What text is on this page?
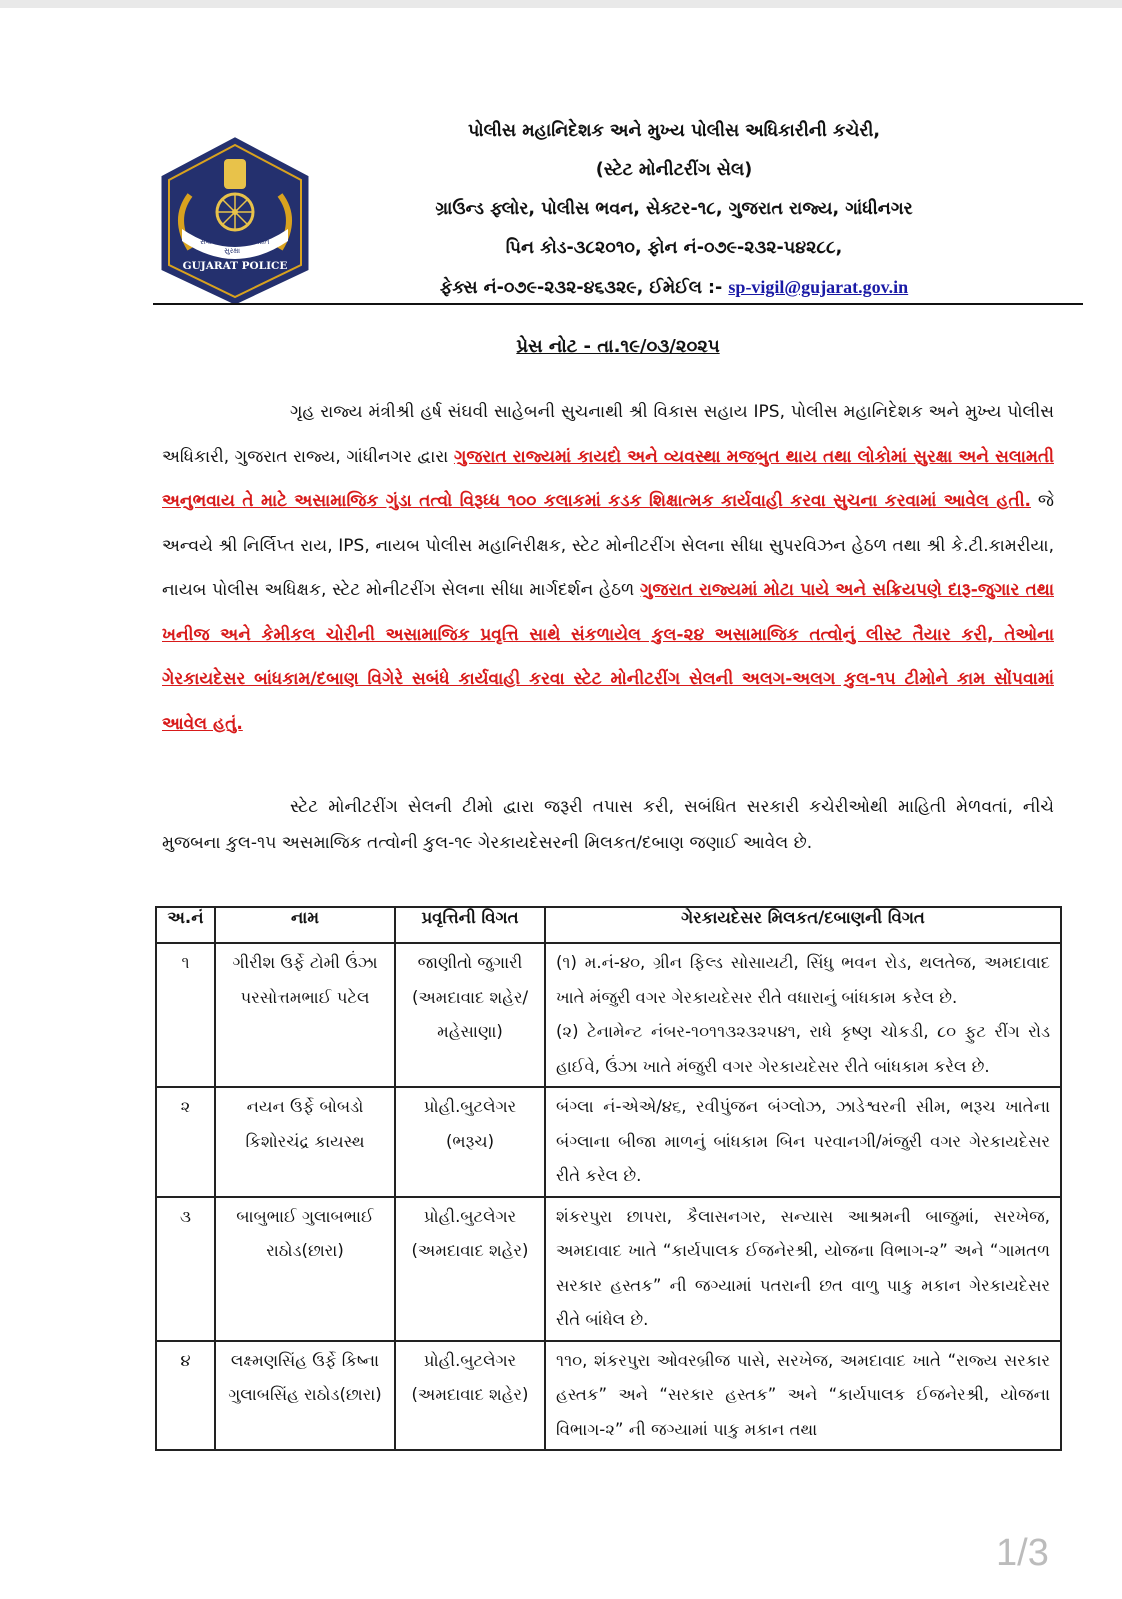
સેવા
સુરક્ષા
શાંતિ
GUJARAT POLICE
પોલીસ મહાનિદેશક અને મુખ્ય પોલીસ અધિકારીની કચેરી,
(સ્ટેટ મોનીટરીંગ સેલ)
ગ્રાઉન્ડ ફ્લોર, પોલીસ ભવન, સેક્ટર-૧૮, ગુજરાત રાજ્ય, ગાંધીનગર
પિન કોડ-૩૮૨૦૧૦, ફોન નં-૦૭૯-૨૩૨-૫૪૨૮૮,
ફેક્સ નં-૦૭૯-૨૩૨-૪૬૩૨૯, ઈમેઈલ :- sp-vigil@gujarat.gov.in
પ્રેસ નોટ - તા.૧૯/૦૩/૨૦૨૫
ગૃહ રાજ્ય મંત્રીશ્રી હર્ષ સંઘવી સાહેબની સુચનાથી શ્રી વિકાસ સહાય IPS, પોલીસ મહાનિદેશક અને મુખ્ય પોલીસ અધિકારી, ગુજરાત રાજ્ય, ગાંધીનગર દ્વારા ગુજરાત રાજ્યમાં કાયદો અને વ્યવસ્થા મજબુત થાય તથા લોકોમાં સુરક્ષા અને સલામતી અનુભવાય તે માટે અસામાજિક ગુંડા તત્વો વિરૂધ્ધ ૧૦૦ કલાકમાં કડક શિક્ષાત્મક કાર્યવાહી કરવા સુચના કરવામાં આવેલ હતી. જે અન્વયે શ્રી નિર્લિપ્ત રાય, IPS, નાયબ પોલીસ મહાનિરીક્ષક, સ્ટેટ મોનીટરીંગ સેલના સીધા સુપરવિઝન હેઠળ તથા શ્રી કે.ટી.કામરીયા, નાયબ પોલીસ અધિક્ષક, સ્ટેટ મોનીટરીંગ સેલના સીધા માર્ગદર્શન હેઠળ ગુજરાત રાજ્યમાં મોટા પાયે અને સક્રિયપણે દારૂ-જુગાર તથા ખનીજ અને કેમીકલ ચોરીની અસામાજિક પ્રવૃત્તિ સાથે સંકળાયેલ કુલ-૨૪ અસામાજિક તત્વોનું લીસ્ટ તૈયાર કરી, તેઓના ગેરકાયદેસર બાંધકામ/દબાણ વિગેરે સબંધે કાર્યવાહી કરવા સ્ટેટ મોનીટરીંગ સેલની અલગ-અલગ કુલ-૧૫ ટીમોને કામ સોંપવામાં આવેલ હતું.
સ્ટેટ મોનીટરીંગ સેલની ટીમો દ્વારા જરૂરી તપાસ કરી, સબંધિત સરકારી કચેરીઓથી માહિતી મેળવતાં, નીચે મુજબના કુલ-૧૫ અસમાજિક તત્વોની કુલ-૧૯ ગેરકાયદેસરની મિલકત/દબાણ જણાઈ આવેલ છે.
અ.નં	નામ	પ્રવૃત્તિની વિગત	ગેરકાયદેસર મિલકત/દબાણની વિગત
૧	ગીરીશ ઉર્ફે ટોમી ઉંઝા પરસોત્તમભાઈ પટેલ	જાણીતો જુગારી (અમદાવાદ શહેર/મહેસાણા)	(૧) મ.નં-૪૦, ગ્રીન ફિલ્ડ સોસાયટી, સિંધુ ભવન રોડ, થલતેજ, અમદાવાદ ખાતે મંજુરી વગર ગેરકાયદેસર રીતે વધારાનું બાંધકામ કરેલ છે.
(૨) ટેનામેન્ટ નંબર-૧૦૧૧૩૨૩૨૫૪૧, રાધે કૃષ્ણ ચોકડી, ૮૦ ફુટ રીંગ રોડ હાઈવે, ઉંઝા ખાતે મંજુરી વગર ગેરકાયદેસર રીતે બાંધકામ કરેલ છે.

૨	નયન ઉર્ફે બોબડો કિશોરચંદ્ર કાયસ્થ	પ્રોહી.બુટલેગર (ભરૂચ)	બંગ્લા નં-એએ/૪૬, રવીપુંજન બંગ્લોઝ, ઝાડેશ્વરની સીમ, ભરૂચ ખાતેના બંગ્લાના બીજા માળનું બાંધકામ બિન પરવાનગી/મંજુરી વગર ગેરકાયદેસર રીતે કરેલ છે.

૩	બાબુભાઈ ગુલાબભાઈ રાઠોડ(છારા)	પ્રોહી.બુટલેગર (અમદાવાદ શહેર)	શંકરપુરા છાપરા, કૈલાસનગર, સન્યાસ આશ્રમની બાજુમાં, સરખેજ, અમદાવાદ ખાતે “કાર્યપાલક ઈજનેરશ્રી, યોજના વિભાગ-૨” અને “ગામતળ સરકાર હસ્તક” ની જગ્યામાં પતરાની છત વાળુ પાકુ મકાન ગેરકાયદેસર રીતે બાંધેલ છે.

૪	લક્ષ્મણસિંહ ઉર્ફે કિષ્ના ગુલાબસિંહ રાઠોડ(છારા)	પ્રોહી.બુટલેગર (અમદાવાદ શહેર)	૧૧૦, શંકરપુરા ઓવરબ્રીજ પાસે, સરખેજ, અમદાવાદ ખાતે “રાજ્ય સરકાર હસ્તક” અને “સરકાર હસ્તક” અને “કાર્યપાલક ઈજનેરશ્રી, યોજના વિભાગ-૨” ની જગ્યામાં પાકુ મકાન તથા
1/3
